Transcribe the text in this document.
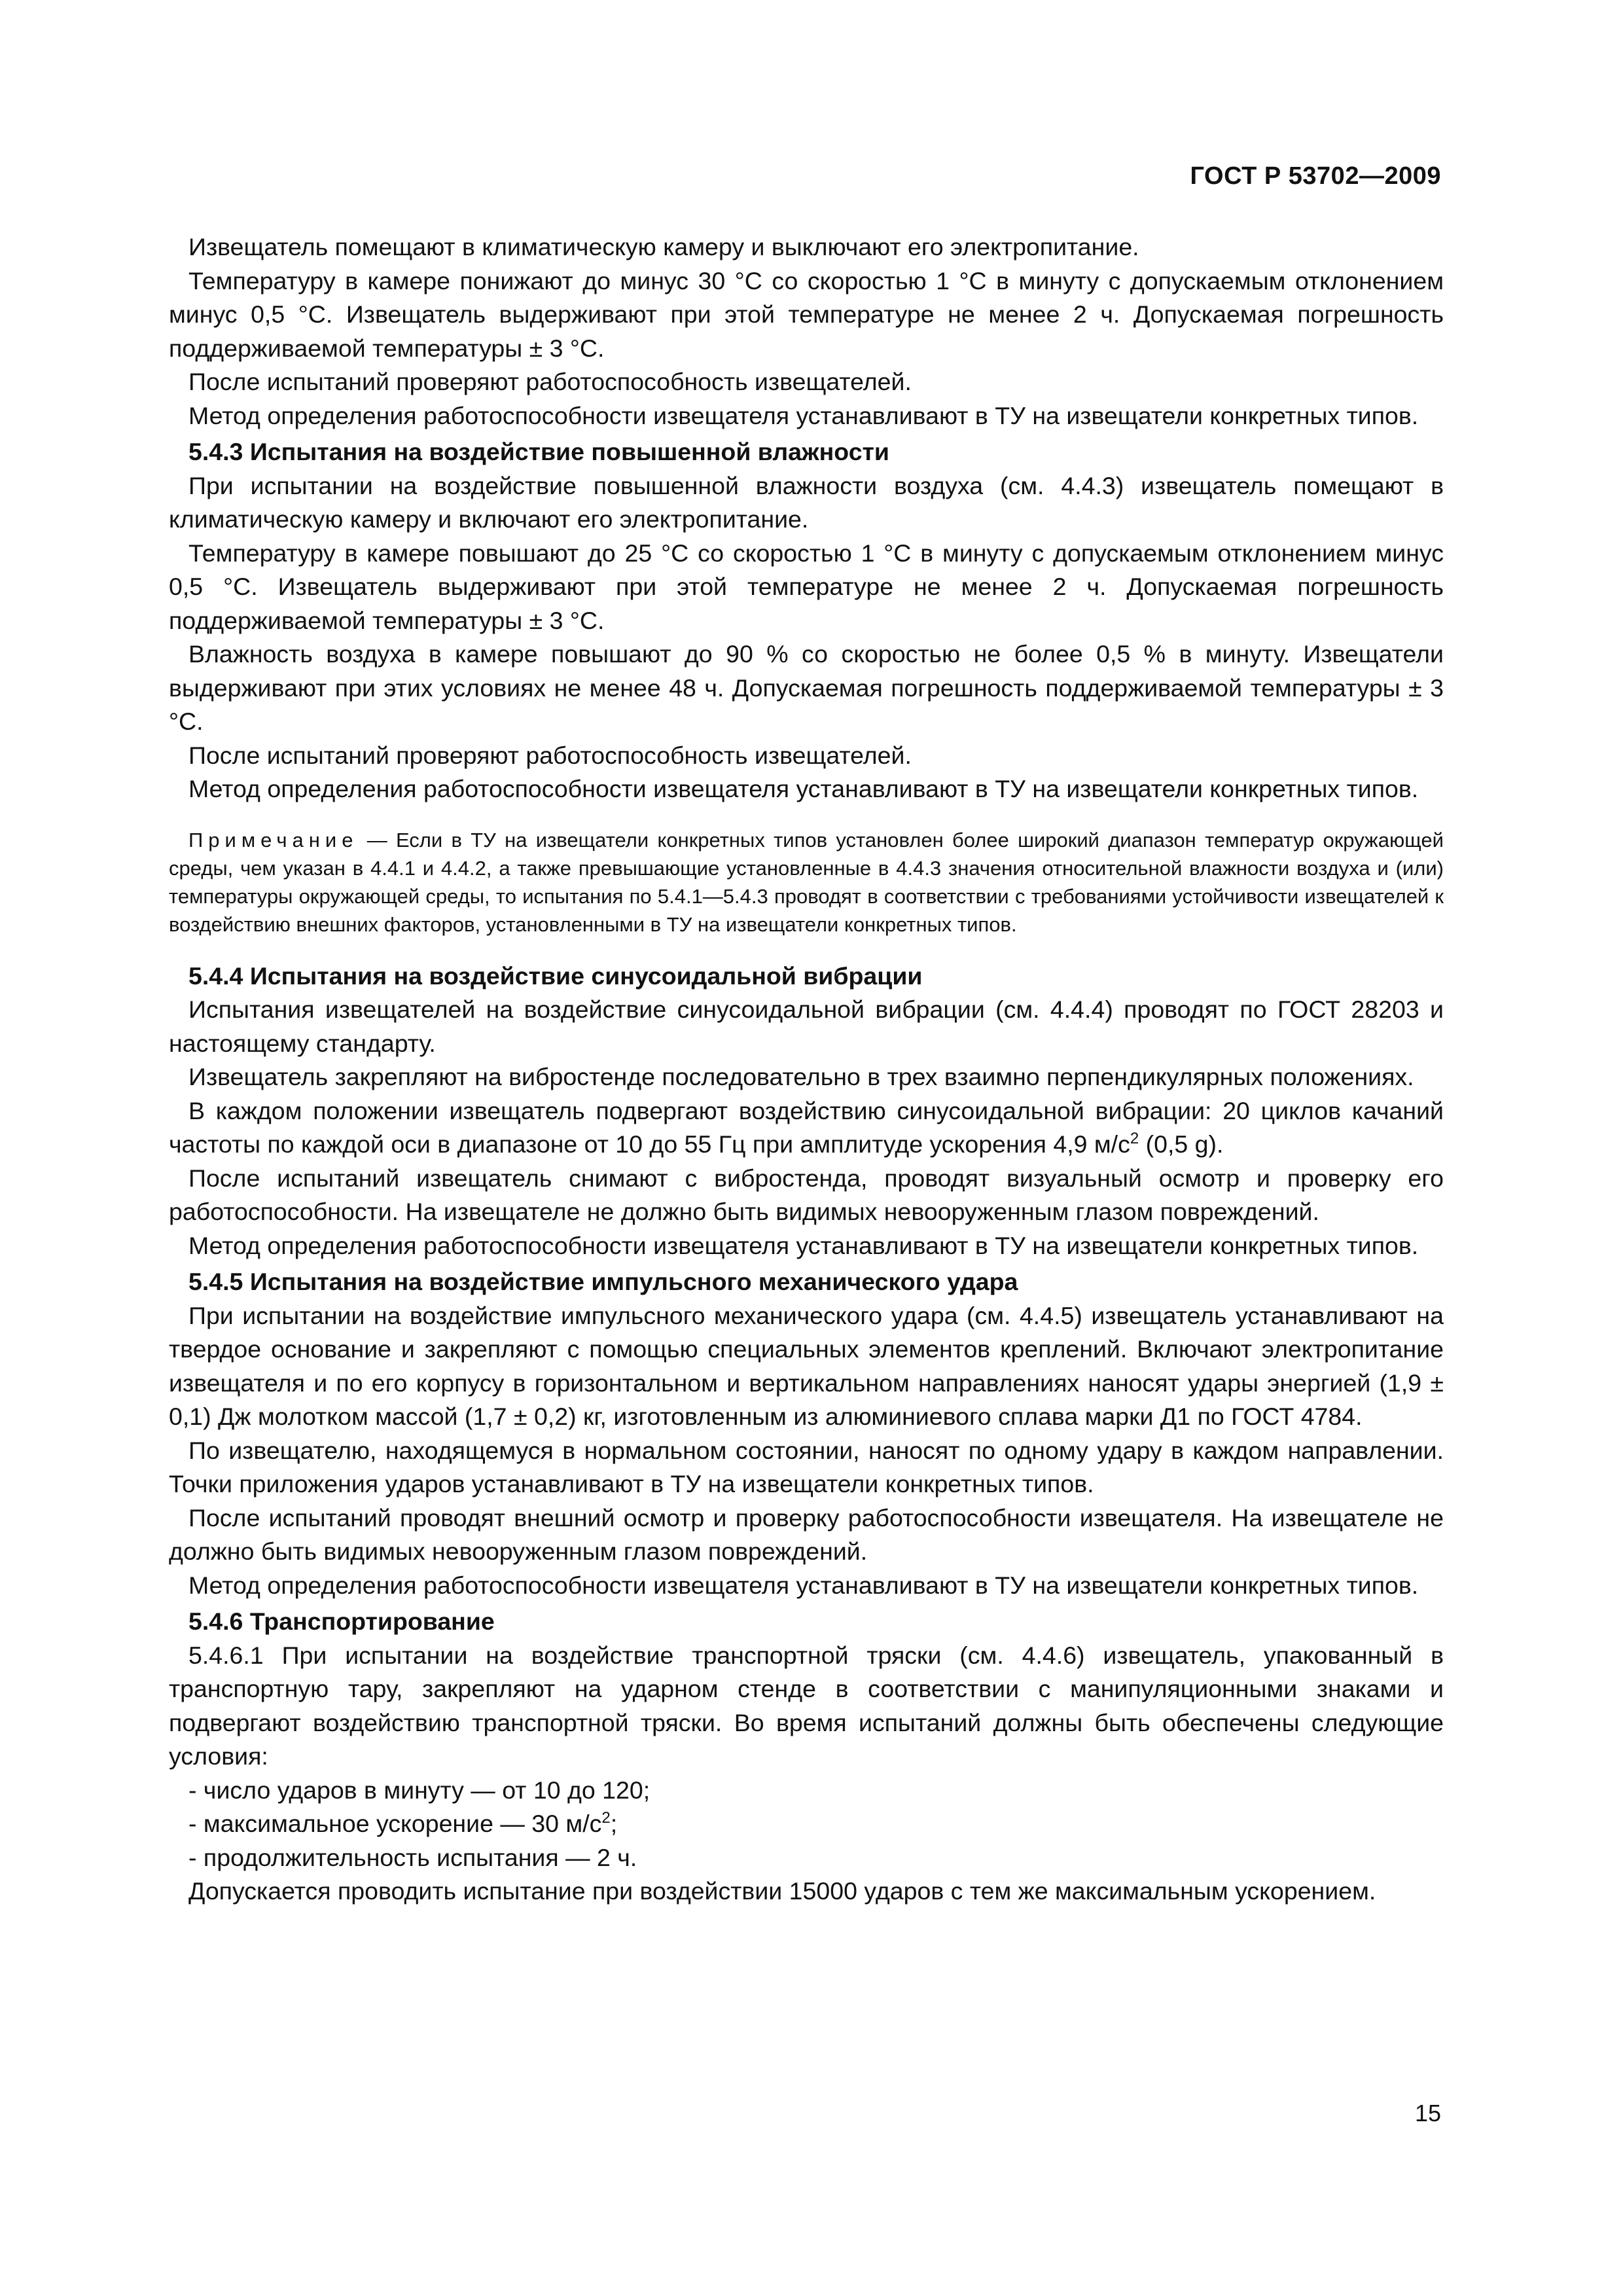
ГОСТ Р 53702—2009

Извещатель помещают в климатическую камеру и выключают его электропитание.

Температуру в камере понижают до минус 30 °С со скоростью 1 °С в минуту с допускаемым отклонением минус 0,5 °С. Извещатель выдерживают при этой температуре не менее 2 ч. Допускаемая погрешность поддерживаемой температуры ± 3 °С.

После испытаний проверяют работоспособность извещателей.

Метод определения работоспособности извещателя устанавливают в ТУ на извещатели конкретных типов.

5.4.3 Испытания на воздействие повышенной влажности

При испытании на воздействие повышенной влажности воздуха (см. 4.4.3) извещатель помещают в климатическую камеру и включают его электропитание.

Температуру в камере повышают до 25 °С со скоростью 1 °С в минуту с допускаемым отклонением минус 0,5 °С. Извещатель выдерживают при этой температуре не менее 2 ч. Допускаемая погрешность поддерживаемой температуры ± 3 °С.

Влажность воздуха в камере повышают до 90 % со скоростью не более 0,5 % в минуту. Извещатели выдерживают при этих условиях не менее 48 ч. Допускаемая погрешность поддерживаемой температуры ± 3 °С.

После испытаний проверяют работоспособность извещателей.

Метод определения работоспособности извещателя устанавливают в ТУ на извещатели конкретных типов.

Примечание — Если в ТУ на извещатели конкретных типов установлен более широкий диапазон температур окружающей среды, чем указан в 4.4.1 и 4.4.2, а также превышающие установленные в 4.4.3 значения относительной влажности воздуха и (или) температуры окружающей среды, то испытания по 5.4.1—5.4.3 проводят в соответствии с требованиями устойчивости извещателей к воздействию внешних факторов, установленными в ТУ на извещатели конкретных типов.

5.4.4 Испытания на воздействие синусоидальной вибрации

Испытания извещателей на воздействие синусоидальной вибрации (см. 4.4.4) проводят по ГОСТ 28203 и настоящему стандарту.

Извещатель закрепляют на вибростенде последовательно в трех взаимно перпендикулярных положениях.

В каждом положении извещатель подвергают воздействию синусоидальной вибрации: 20 циклов качаний частоты по каждой оси в диапазоне от 10 до 55 Гц при амплитуде ускорения 4,9 $м/с^2$ (0,5 g).

После испытаний извещатель снимают с вибростенда, проводят визуальный осмотр и проверку его работоспособности. На извещателе не должно быть видимых невооруженным глазом повреждений.

Метод определения работоспособности извещателя устанавливают в ТУ на извещатели конкретных типов.

5.4.5 Испытания на воздействие импульсного механического удара

При испытании на воздействие импульсного механического удара (см. 4.4.5) извещатель устанавливают на твердое основание и закрепляют с помощью специальных элементов креплений. Включают электропитание извещателя и по его корпусу в горизонтальном и вертикальном направлениях наносят удары энергией (1,9 ± 0,1) Дж молотком массой (1,7 ± 0,2) кг, изготовленным из алюминиевого сплава марки Д1 по ГОСТ 4784.

По извещателю, находящемуся в нормальном состоянии, наносят по одному удару в каждом направлении. Точки приложения ударов устанавливают в ТУ на извещатели конкретных типов.

После испытаний проводят внешний осмотр и проверку работоспособности извещателя. На извещателе не должно быть видимых невооруженным глазом повреждений.

Метод определения работоспособности извещателя устанавливают в ТУ на извещатели конкретных типов.

5.4.6 Транспортирование

5.4.6.1 При испытании на воздействие транспортной тряски (см. 4.4.6) извещатель, упакованный в транспортную тару, закрепляют на ударном стенде в соответствии с манипуляционными знаками и подвергают воздействию транспортной тряски. Во время испытаний должны быть обеспечены следующие условия:

- число ударов в минуту — от 10 до 120;
- максимальное ускорение — 30 $м/с^2$;
- продолжительность испытания — 2 ч.

Допускается проводить испытание при воздействии 15000 ударов с тем же максимальным ускорением.

15
